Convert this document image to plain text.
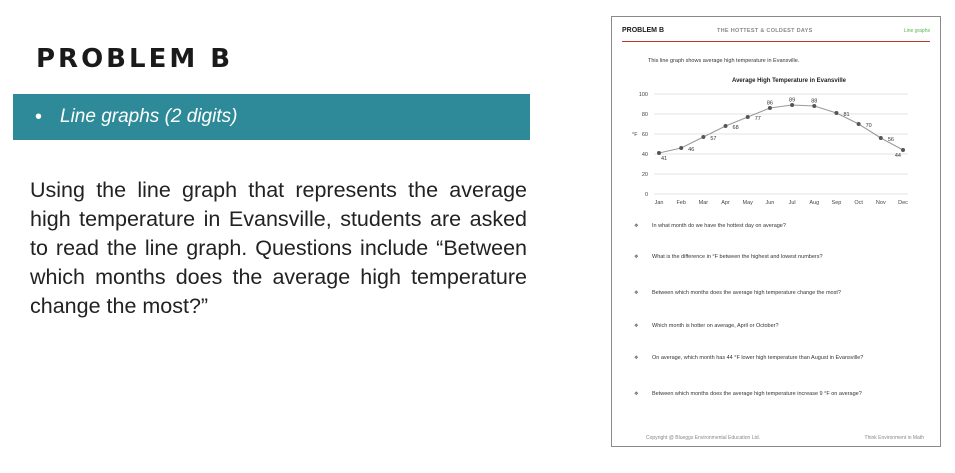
PROBLEM B
• Line graphs (2 digits)
Using the line graph that represents the average high temperature in Evansville, students are asked to read the line graph. Questions include “Between which months does the average high temperature change the most?”
PROBLEM B	THE HOTTEST & COLDEST DAYS	Line graphs
This line graph shows average high temperature in Evansville.
Average High Temperature in Evansville
0
20
40
60
80
100
°F
Jan Feb Mar Apr May Jun	Jul	Aug Sep Oct Nov Dec
41
46
57
68
77
86	89	88
81
70
56
44
❖ In what month do we have the hottest day on average?
❖ What is the difference in °F between the highest and lowest numbers?
❖ Between which months does the average high temperature change the most?
❖ Which month is hotter on average, April or October?
❖ On average, which month has 44 °F lower high temperature than August in Evansville?
❖ Between which months does the average high temperature increase 9 °F on average?
Copyright @ Blueggs Environmental Education Ltd.	Think Environment in Math
